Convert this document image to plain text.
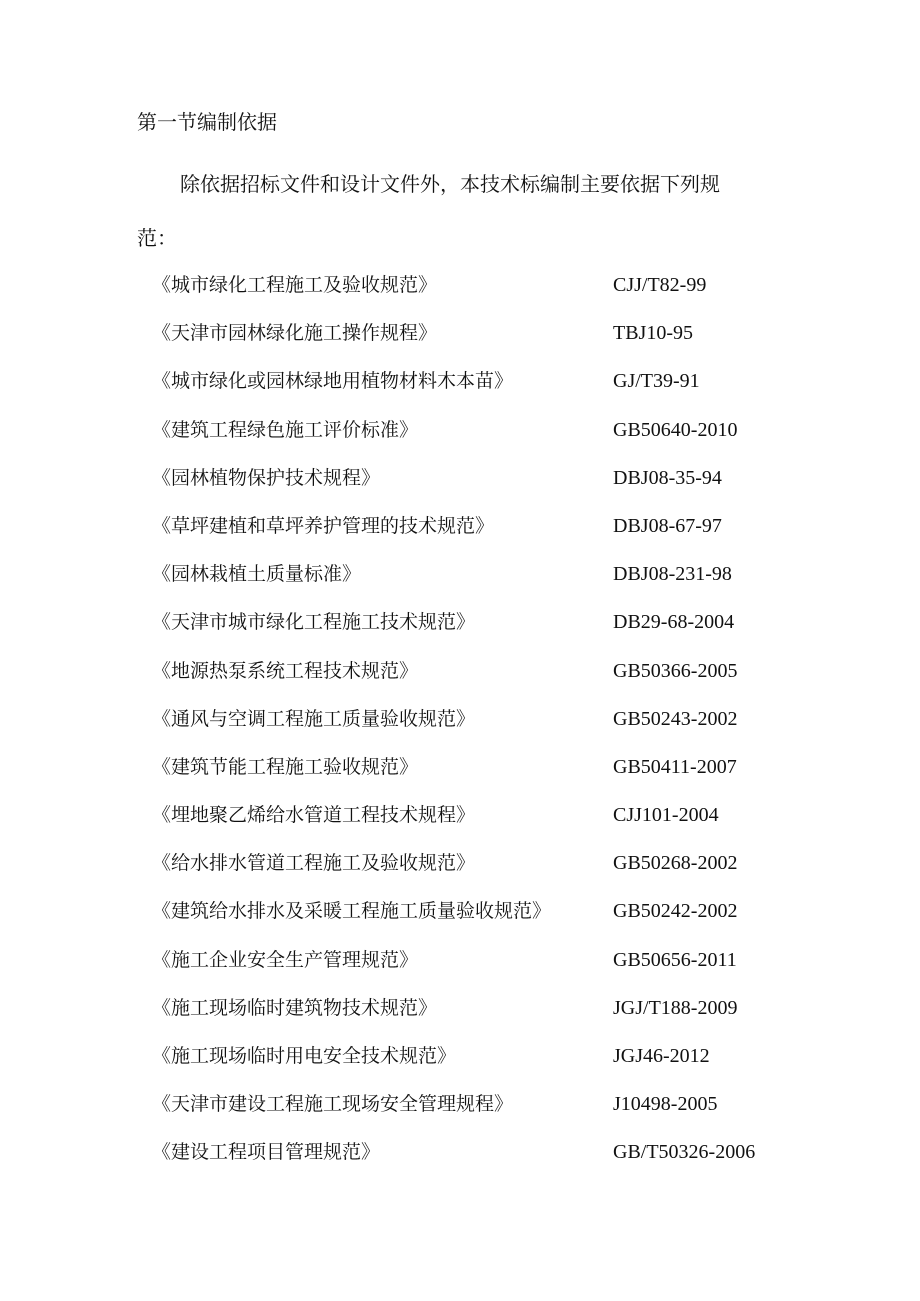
第一节编制依据
除依据招标文件和设计文件外，本技术标编制主要依据下列规
范：
《城市绿化工程施工及验收规范》	CJJ/T82-99
《天津市园林绿化施工操作规程》	TBJ10-95
《城市绿化或园林绿地用植物材料木本苗》	GJ/T39-91
《建筑工程绿色施工评价标准》	GB50640-2010
《园林植物保护技术规程》	DBJ08-35-94
《草坪建植和草坪养护管理的技术规范》	DBJ08-67-97
《园林栽植土质量标准》	DBJ08-231-98
《天津市城市绿化工程施工技术规范》	DB29-68-2004
《地源热泵系统工程技术规范》	GB50366-2005
《通风与空调工程施工质量验收规范》	GB50243-2002
《建筑节能工程施工验收规范》	GB50411-2007
《埋地聚乙烯给水管道工程技术规程》	CJJ101-2004
《给水排水管道工程施工及验收规范》	GB50268-2002
《建筑给水排水及采暖工程施工质量验收规范》	GB50242-2002
《施工企业安全生产管理规范》	GB50656-2011
《施工现场临时建筑物技术规范》	JGJ/T188-2009
《施工现场临时用电安全技术规范》	JGJ46-2012
《天津市建设工程施工现场安全管理规程》	J10498-2005
《建设工程项目管理规范》	GB/T50326-2006
